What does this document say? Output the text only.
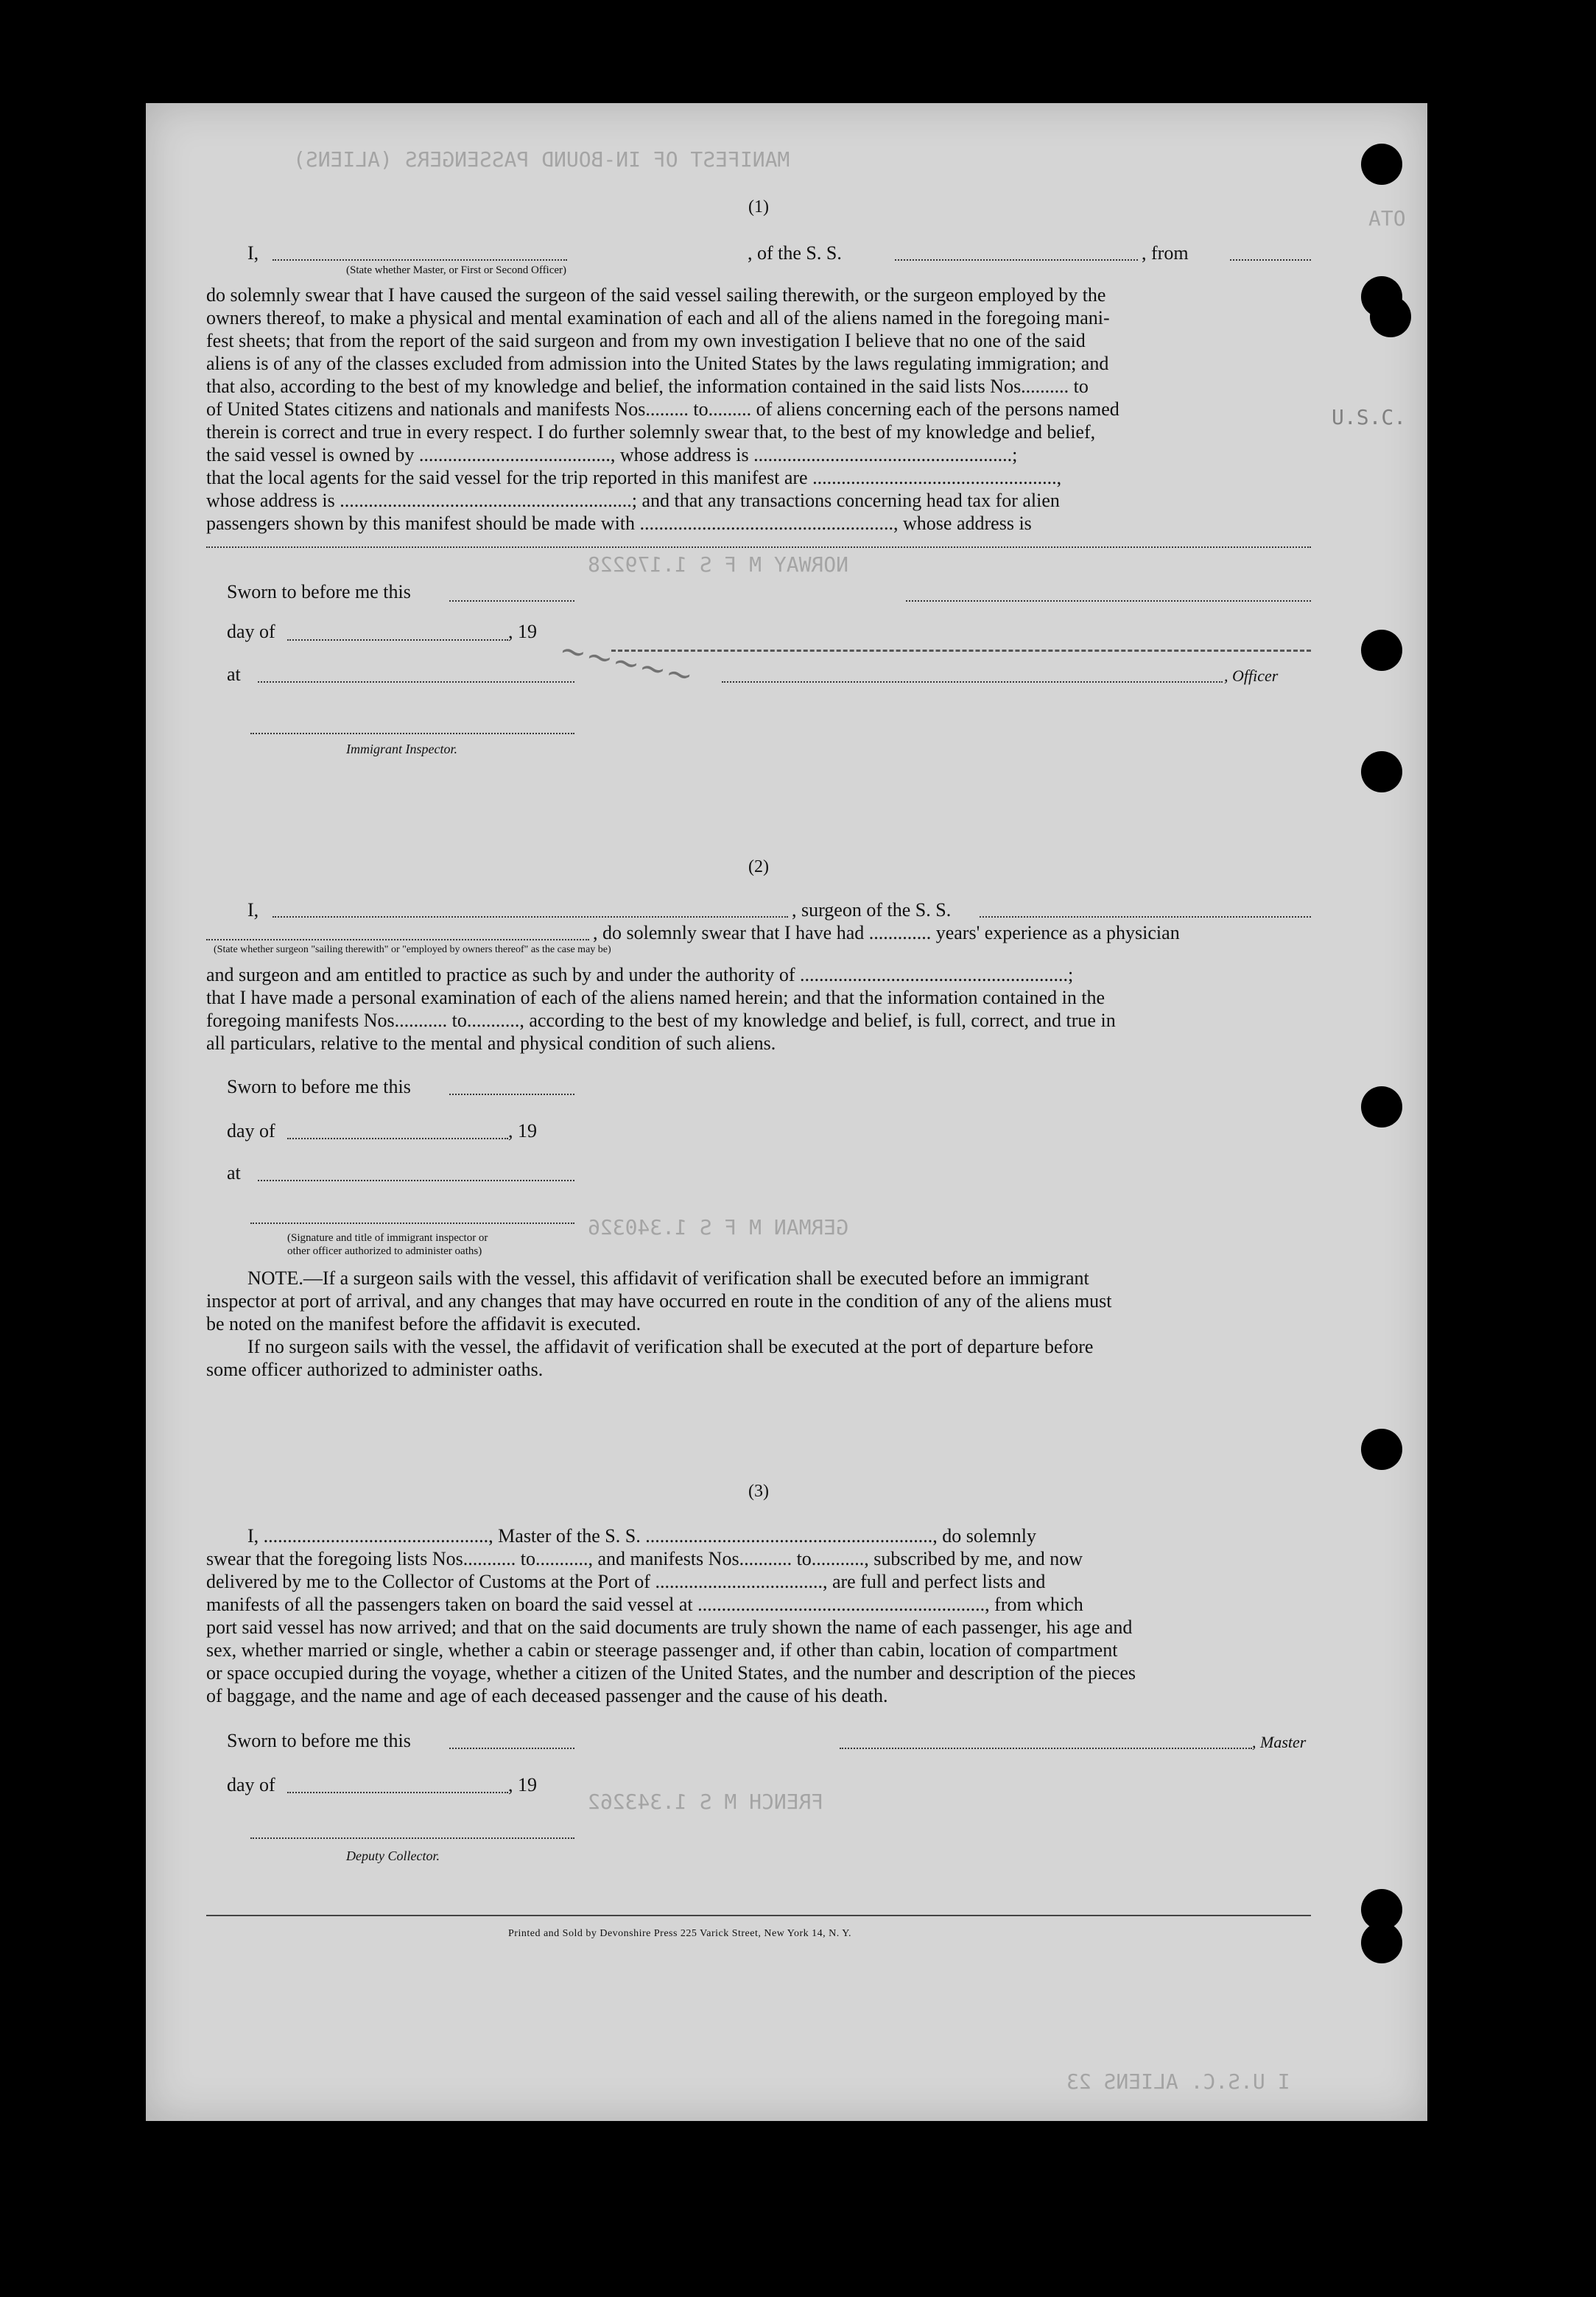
MANIFEST OF IN-BOUND PASSENGERS (ALIENS)
NORWAY M F S 1.179228
GERMAN M F S 1.340326
FRENCH M S 1.343262
I U.S.C. ALIENS 23
ATO
U.S.C.
~~~~~
(1)
I,	, of the S. S.	, from
(State whether Master, or First or Second Officer)
do solemnly swear that I have caused the surgeon of the said vessel sailing therewith, or the surgeon employed by the
owners thereof, to make a physical and mental examination of each and all of the aliens named in the foregoing mani-
fest sheets; that from the report of the said surgeon and from my own investigation I believe that no one of the said
aliens is of any of the classes excluded from admission into the United States by the laws regulating immigration; and
that also, according to the best of my knowledge and belief, the information contained in the said lists Nos.......... to
of United States citizens and nationals and manifests Nos......... to......... of aliens concerning each of the persons named
therein is correct and true in every respect. I do further solemnly swear that, to the best of my knowledge and belief,
the said vessel is owned by ........................................, whose address is ......................................................;
that the local agents for the said vessel for the trip reported in this manifest are ...................................................,
whose address is .............................................................; and that any transactions concerning head tax for alien
passengers shown by this manifest should be made with ....................................................., whose address is
Sworn to before me this
day of	, 19
at	, Officer
Immigrant Inspector.
(2)
I,	, surgeon of the S. S.
, do solemnly swear that I have had ............. years' experience as a physician
(State whether surgeon "sailing therewith" or "employed by owners thereof" as the case may be)
and surgeon and am entitled to practice as such by and under the authority of ........................................................;
that I have made a personal examination of each of the aliens named herein; and that the information contained in the
foregoing manifests Nos........... to..........., according to the best of my knowledge and belief, is full, correct, and true in
all particulars, relative to the mental and physical condition of such aliens.
Sworn to before me this
day of	, 19
at
(Signature and title of immigrant inspector or
other officer authorized to administer oaths)
NOTE.—If a surgeon sails with the vessel, this affidavit of verification shall be executed before an immigrant
inspector at port of arrival, and any changes that may have occurred en route in the condition of any of the aliens must
be noted on the manifest before the affidavit is executed.
If no surgeon sails with the vessel, the affidavit of verification shall be executed at the port of departure before
some officer authorized to administer oaths.
(3)
I, ..............................................., Master of the S. S. ............................................................, do solemnly
swear that the foregoing lists Nos........... to..........., and manifests Nos........... to..........., subscribed by me, and now
delivered by me to the Collector of Customs at the Port of ..................................., are full and perfect lists and
manifests of all the passengers taken on board the said vessel at ............................................................, from which
port said vessel has now arrived; and that on the said documents are truly shown the name of each passenger, his age and
sex, whether married or single, whether a cabin or steerage passenger and, if other than cabin, location of compartment
or space occupied during the voyage, whether a citizen of the United States, and the number and description of the pieces
of baggage, and the name and age of each deceased passenger and the cause of his death.
Sworn to before me this	, Master
day of	, 19
Deputy Collector.
Printed and Sold by Devonshire Press 225 Varick Street, New York 14, N. Y.
